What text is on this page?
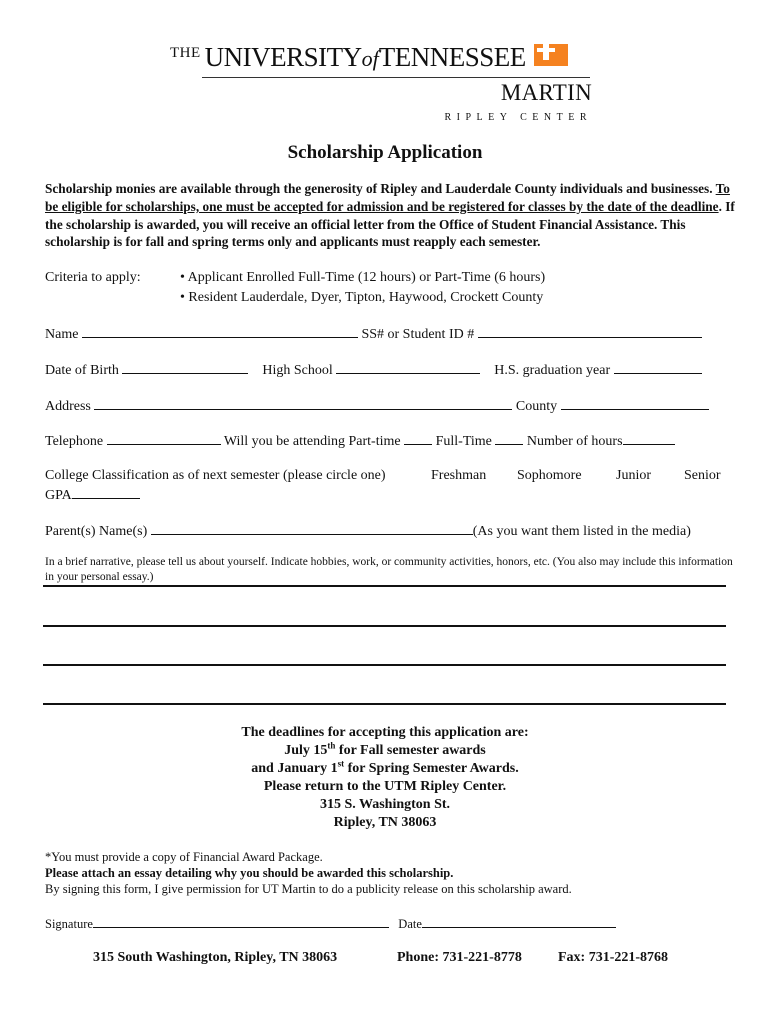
THE UNIVERSITYofTENNESSEE
MARTIN
RIPLEY CENTER
Scholarship Application
Scholarship monies are available through the generosity of Ripley and Lauderdale County individuals and businesses. To be eligible for scholarships, one must be accepted for admission and be registered for classes by the date of the deadline. If the scholarship is awarded, you will receive an official letter from the Office of Student Financial Assistance. This scholarship is for fall and spring terms only and applicants must reapply each semester.
Criteria to apply:	• Applicant Enrolled Full-Time (12 hours) or Part-Time (6 hours)
• Resident Lauderdale, Dyer, Tipton, Haywood, Crockett County
Name	SS# or Student ID #
Date of Birth	High School	H.S. graduation year
Address	County
Telephone	Will you be attending Part-time	Full-Time	Number of hours
College Classification as of next semester (please circle one)	Freshman Sophomore Junior Senior
GPA
Parent(s) Name(s)	(As you want them listed in the media)
In a brief narrative, please tell us about yourself. Indicate hobbies, work, or community activities, honors, etc. (You also may include this information in your personal essay.)
The deadlines for accepting this application are:
July 15th for Fall semester awards
and January 1st for Spring Semester Awards.
Please return to the UTM Ripley Center.
315 S. Washington St.
Ripley, TN 38063
*You must provide a copy of Financial Award Package.
Please attach an essay detailing why you should be awarded this scholarship.
By signing this form, I give permission for UT Martin to do a publicity release on this scholarship award.
Signature	Date
315 South Washington, Ripley, TN 38063	Phone: 731-221-8778	Fax: 731-221-8768
